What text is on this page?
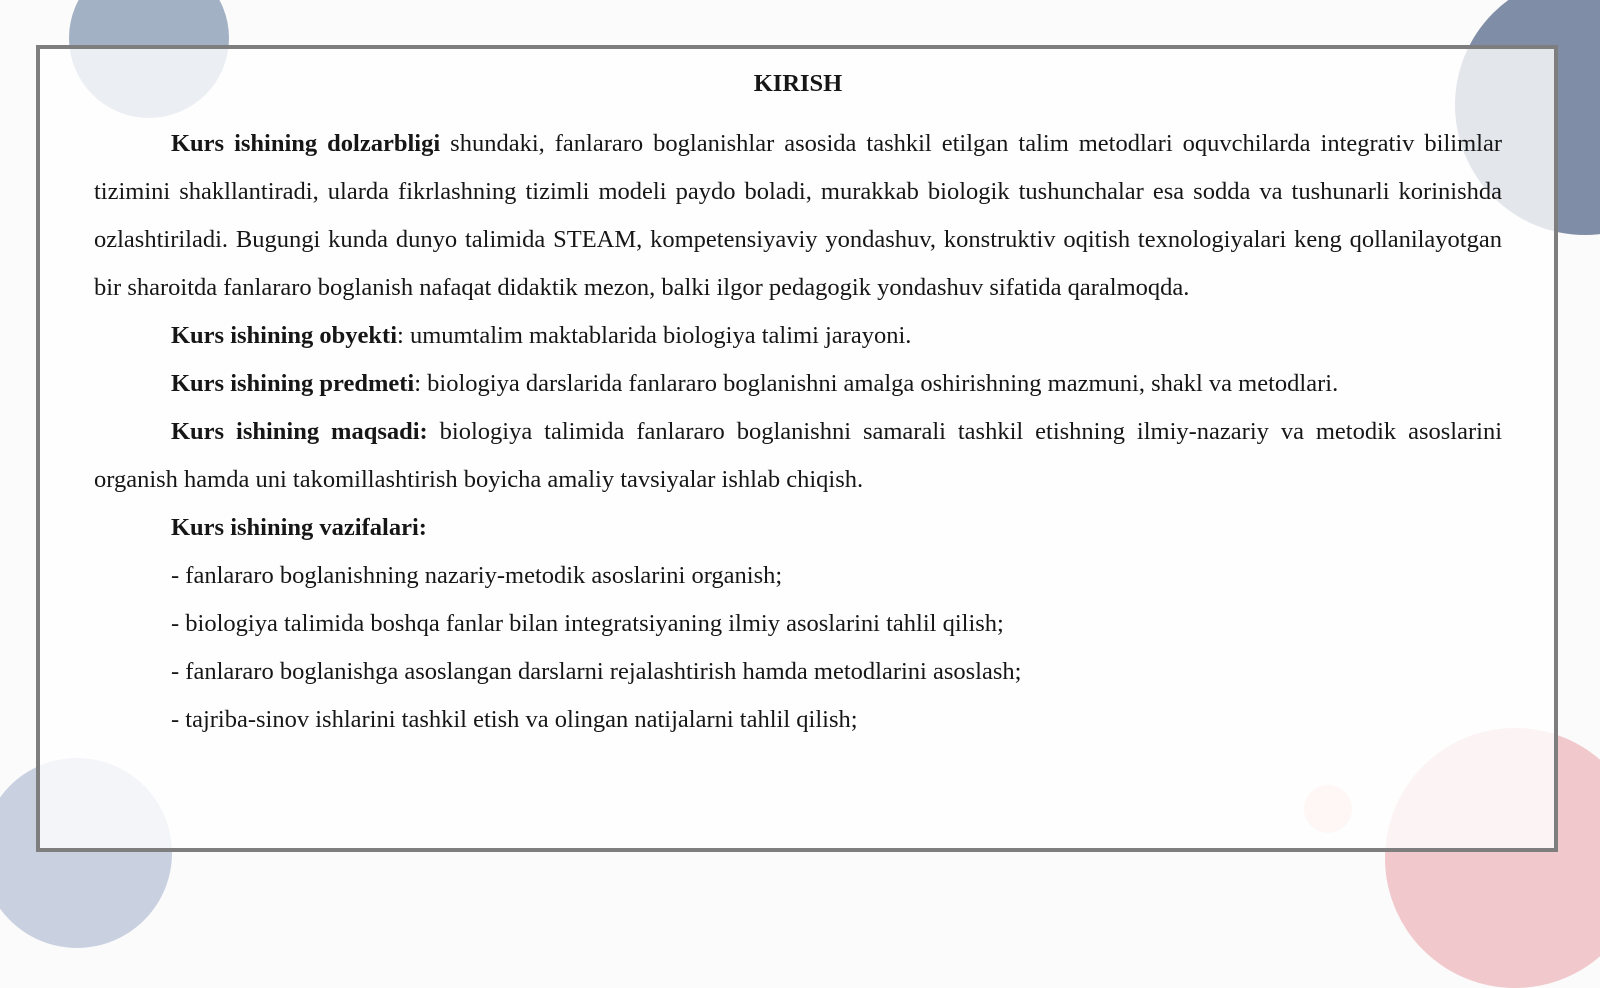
KIRISH

Kurs ishining dolzarbligi shundaki, fanlararo boglanishlar asosida tashkil etilgan talim metodlari oquvchilarda integrativ bilimlar tizimini shakllantiradi, ularda fikrlashning tizimli modeli paydo boladi, murakkab biologik tushunchalar esa sodda va tushunarli korinishda ozlashtiriladi. Bugungi kunda dunyo talimida STEAM, kompetensiyaviy yondashuv, konstruktiv oqitish texnologiyalari keng qollanilayotgan bir sharoitda fanlararo boglanish nafaqat didaktik mezon, balki ilgor pedagogik yondashuv sifatida qaralmoqda.

Kurs ishining obyekti: umumtalim maktablarida biologiya talimi jarayoni.

Kurs ishining predmeti: biologiya darslarida fanlararo boglanishni amalga oshirishning mazmuni, shakl va metodlari.

Kurs ishining maqsadi: biologiya talimida fanlararo boglanishni samarali tashkil etishning ilmiy-nazariy va metodik asoslarini organish hamda uni takomillashtirish boyicha amaliy tavsiyalar ishlab chiqish.

Kurs ishining vazifalari:

- fanlararo boglanishning nazariy-metodik asoslarini organish;
- biologiya talimida boshqa fanlar bilan integratsiyaning ilmiy asoslarini tahlil qilish;
- fanlararo boglanishga asoslangan darslarni rejalashtirish hamda metodlarini asoslash;
- tajriba-sinov ishlarini tashkil etish va olingan natijalarni tahlil qilish;
